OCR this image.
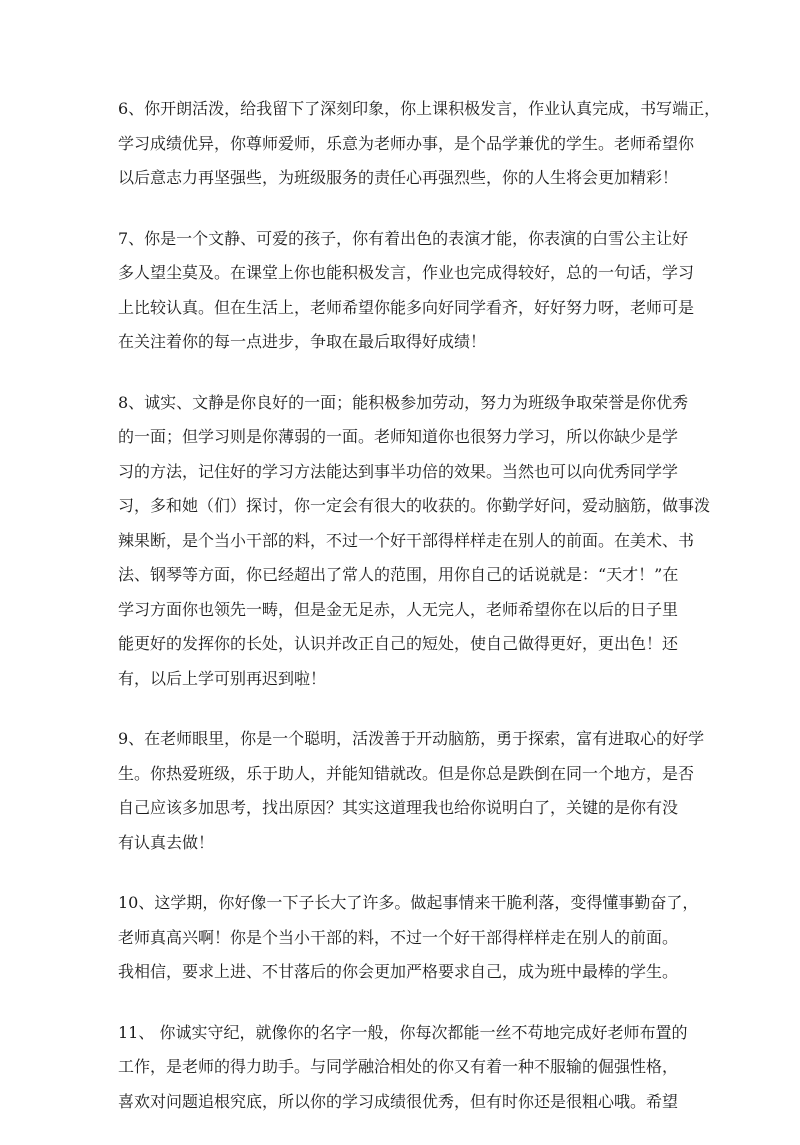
6、你开朗活泼，给我留下了深刻印象，你上课积极发言，作业认真完成，书写端正，
学习成绩优异，你尊师爱师，乐意为老师办事，是个品学兼优的学生。老师希望你
以后意志力再坚强些，为班级服务的责任心再强烈些，你的人生将会更加精彩！

7、你是一个文静、可爱的孩子，你有着出色的表演才能，你表演的白雪公主让好
多人望尘莫及。在课堂上你也能积极发言，作业也完成得较好，总的一句话，学习
上比较认真。但在生活上，老师希望你能多向好同学看齐，好好努力呀，老师可是
在关注着你的每一点进步，争取在最后取得好成绩！

8、诚实、文静是你良好的一面；能积极参加劳动，努力为班级争取荣誉是你优秀
的一面；但学习则是你薄弱的一面。老师知道你也很努力学习，所以你缺少是学
习的方法，记住好的学习方法能达到事半功倍的效果。当然也可以向优秀同学学
习，多和她（们）探讨，你一定会有很大的收获的。你勤学好问，爱动脑筋，做事泼
辣果断，是个当小干部的料，不过一个好干部得样样走在别人的前面。在美术、书
法、钢琴等方面，你已经超出了常人的范围，用你自己的话说就是：“天才！”在
学习方面你也领先一畴，但是金无足赤，人无完人，老师希望你在以后的日子里
能更好的发挥你的长处，认识并改正自己的短处，使自己做得更好，更出色！还
有，以后上学可别再迟到啦！

9、在老师眼里，你是一个聪明，活泼善于开动脑筋，勇于探索，富有进取心的好学
生。你热爱班级，乐于助人，并能知错就改。但是你总是跌倒在同一个地方，是否
自己应该多加思考，找出原因？其实这道理我也给你说明白了，关键的是你有没
有认真去做！

10、这学期，你好像一下子长大了许多。做起事情来干脆利落，变得懂事勤奋了，
老师真高兴啊！你是个当小干部的料，不过一个好干部得样样走在别人的前面。
我相信，要求上进、不甘落后的你会更加严格要求自己，成为班中最棒的学生。

11、 你诚实守纪，就像你的名字一般，你每次都能一丝不苟地完成好老师布置的
工作，是老师的得力助手。与同学融洽相处的你又有着一种不服输的倔强性格，
喜欢对问题追根究底，所以你的学习成绩很优秀，但有时你还是很粗心哦。希望
